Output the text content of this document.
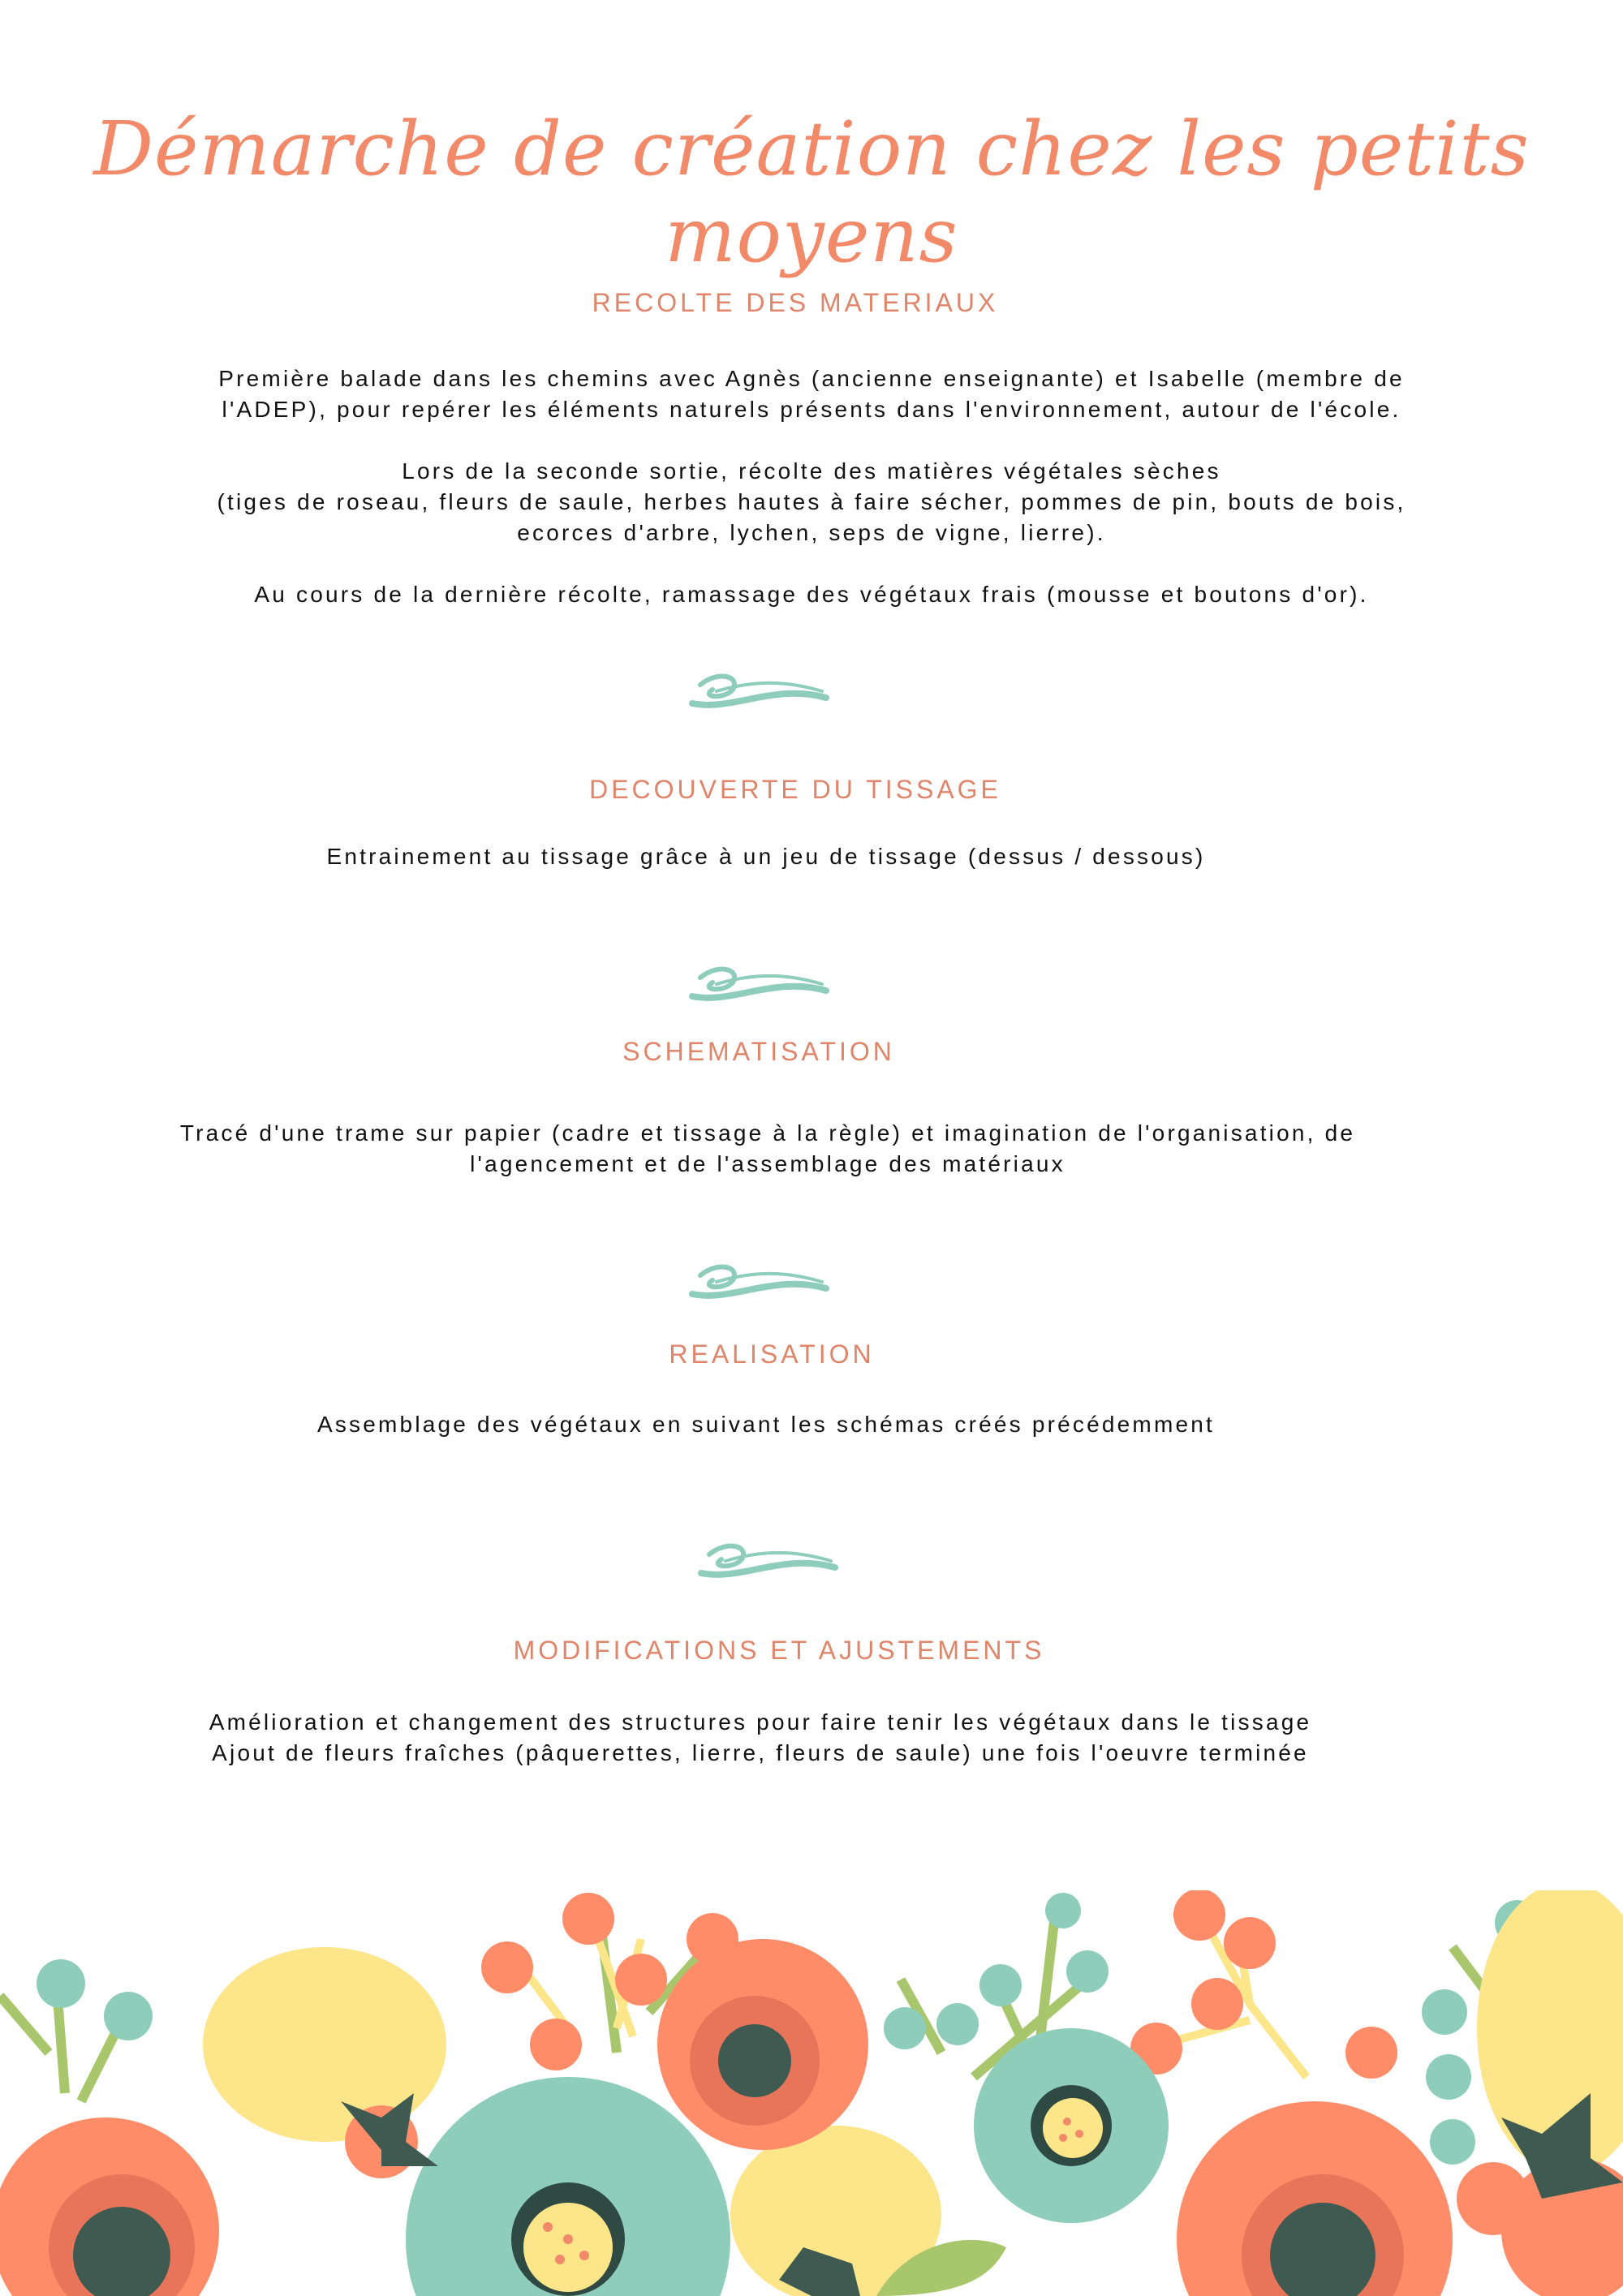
Démarche de création chez les petits moyens
RECOLTE DES MATERIAUX
Première balade dans les chemins avec Agnès (ancienne enseignante) et Isabelle (membre de
l'ADEP), pour repérer les éléments naturels présents dans l'environnement, autour de l'école.
Lors de la seconde sortie, récolte des matières végétales sèches
(tiges de roseau, fleurs de saule, herbes hautes à faire sécher, pommes de pin, bouts de bois,
ecorces d'arbre, lychen, seps de vigne, lierre).
Au cours de la dernière récolte, ramassage des végétaux frais (mousse et boutons d'or).
DECOUVERTE DU TISSAGE
Entrainement au tissage grâce à un jeu de tissage (dessus / dessous)
SCHEMATISATION
Tracé d'une trame sur papier (cadre et tissage à la règle) et imagination de l'organisation, de
l'agencement et de l'assemblage des matériaux
REALISATION
Assemblage des végétaux en suivant les schémas créés précédemment
MODIFICATIONS ET AJUSTEMENTS
Amélioration et changement des structures pour faire tenir les végétaux dans le tissage
Ajout de fleurs fraîches (pâquerettes, lierre, fleurs de saule) une fois l'oeuvre terminée
